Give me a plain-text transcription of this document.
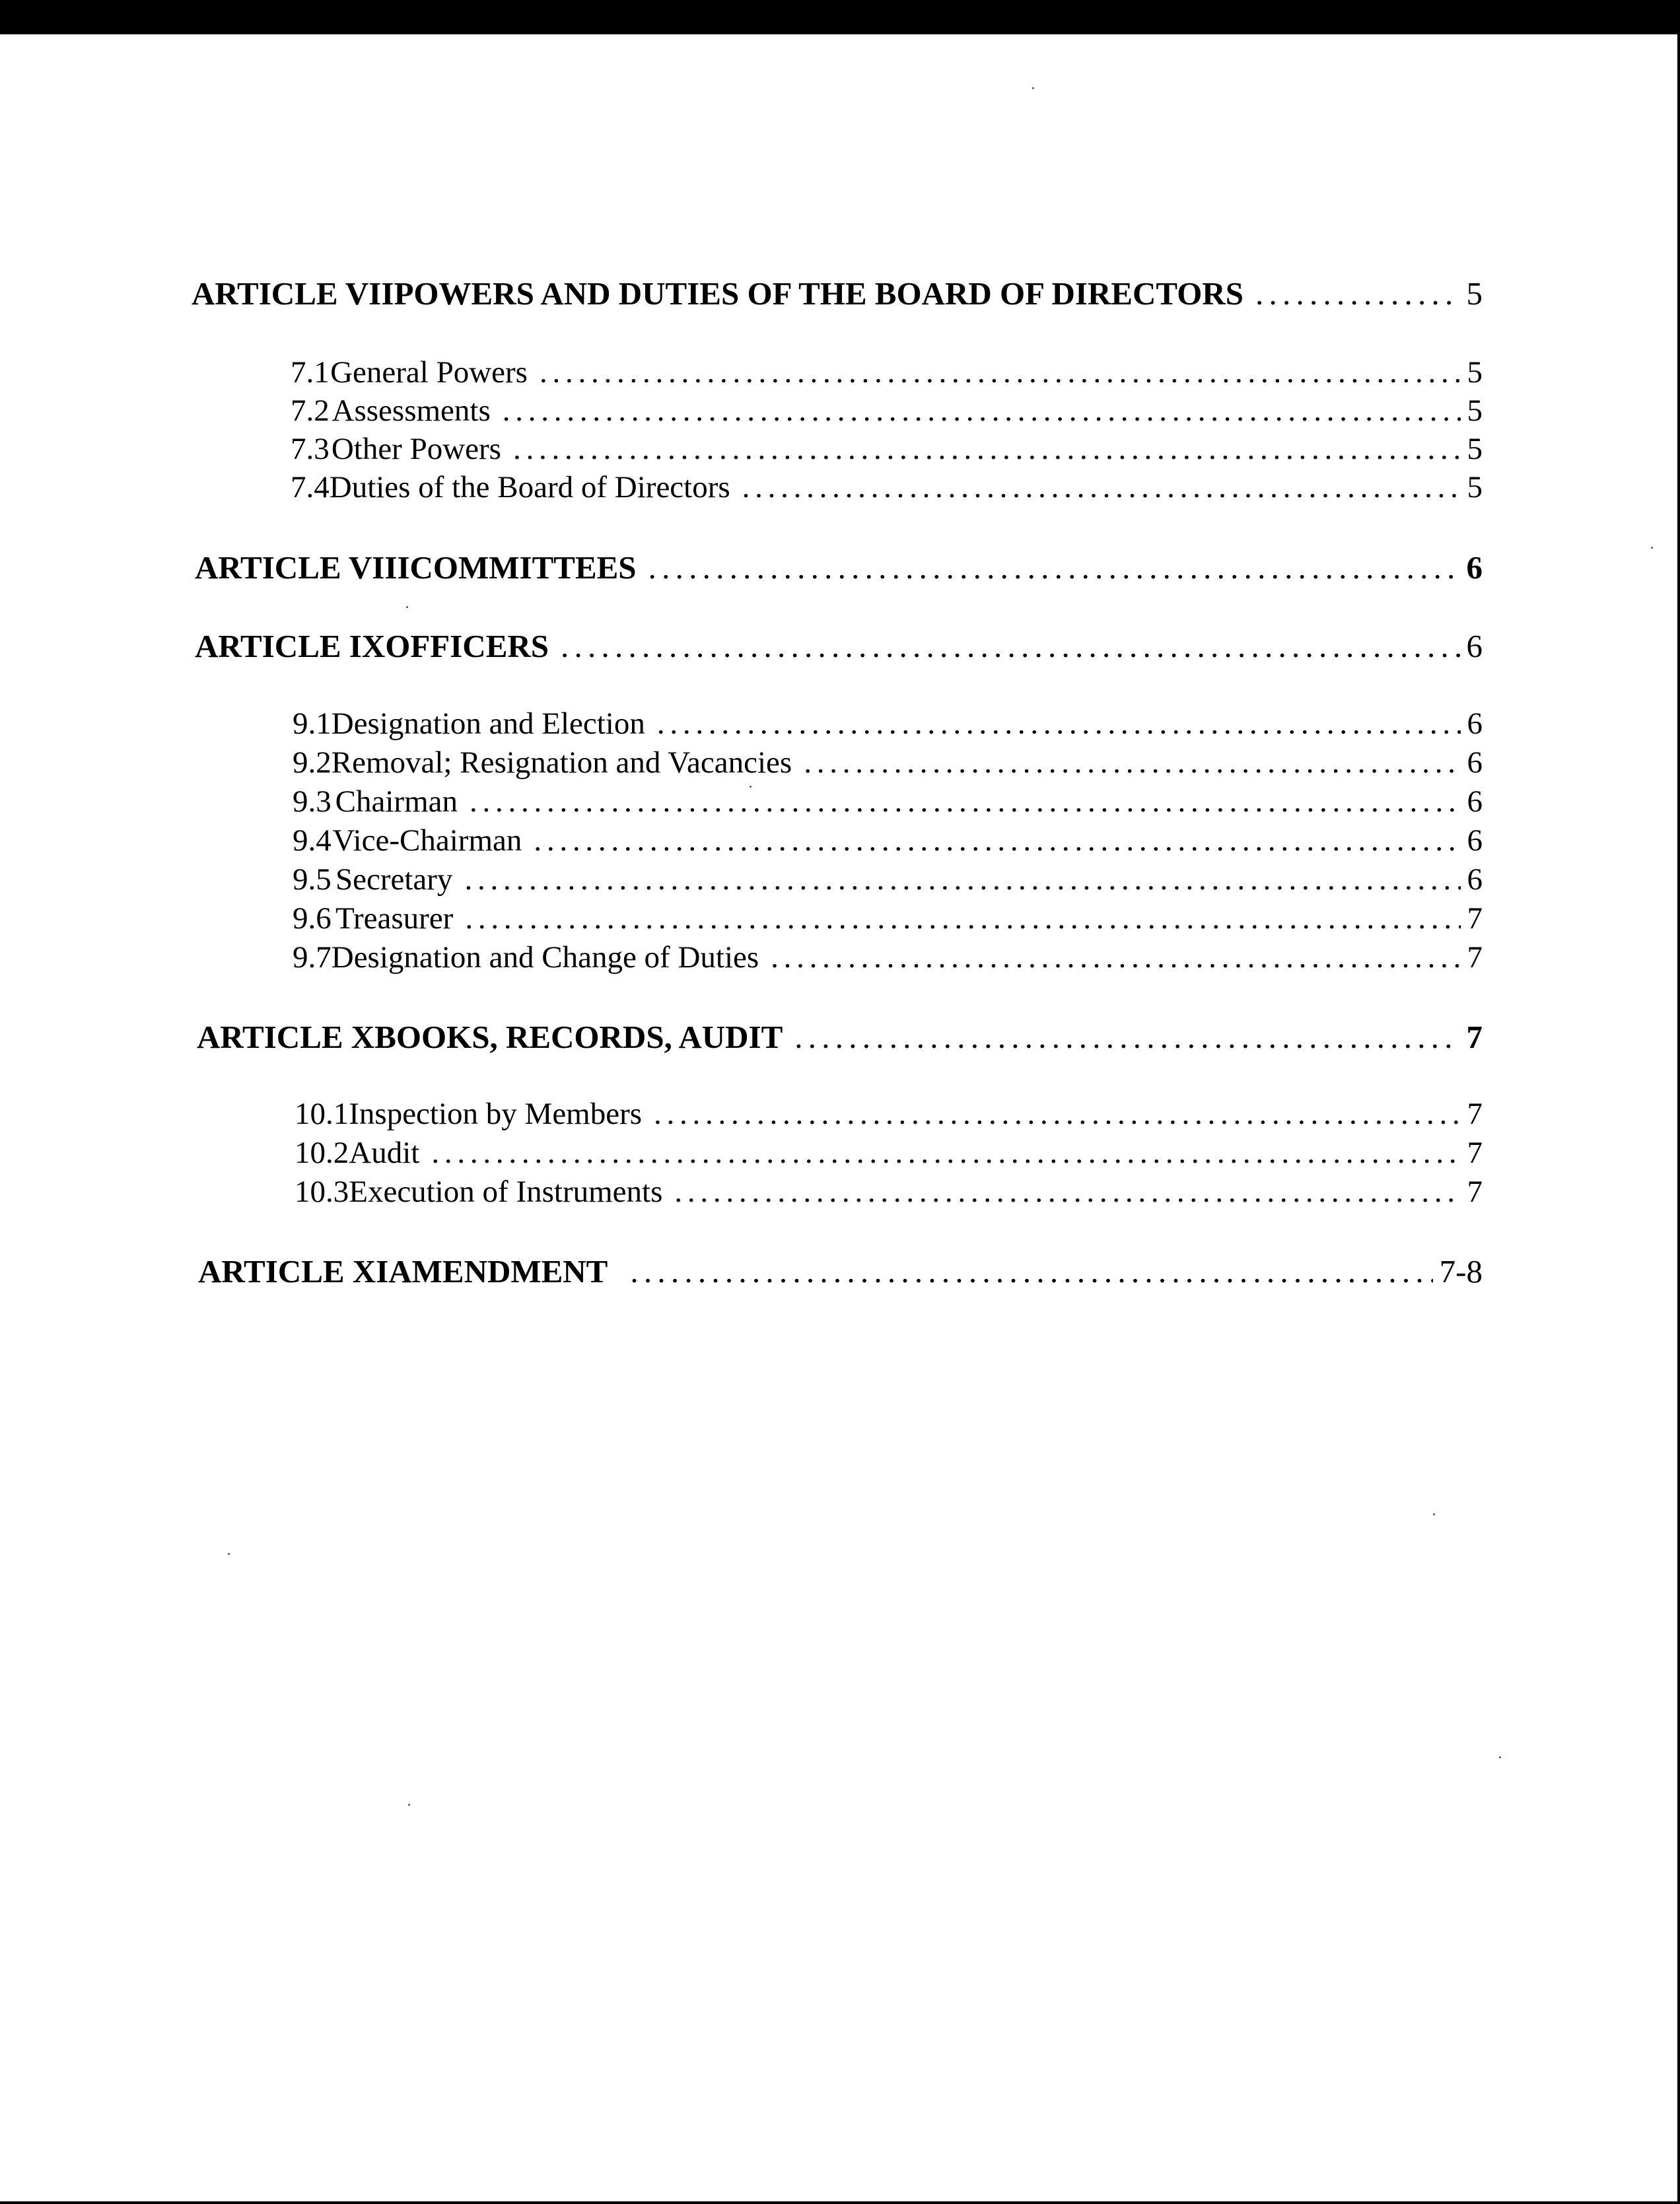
ARTICLE VII POWERS AND DUTIES OF THE BOARD OF DIRECTORS . . .	5
7.1 General Powers . . .	5
7.2 Assessments . . .	5
7.3 Other Powers . . .	5
7.4 Duties of the Board of Directors . . .	5
ARTICLE VIII COMMITTEES . . .	6
ARTICLE IX OFFICERS . . .	6
9.1 Designation and Election . . .	6
9.2 Removal; Resignation and Vacancies . . .	6
9.3 Chairman . . .	6
9.4 Vice-Chairman . . .	6
9.5 Secretary . . .	6
9.6 Treasurer . . .	7
9.7 Designation and Change of Duties . . .	7
ARTICLE X BOOKS, RECORDS, AUDIT . . .	7
10.1 Inspection by Members . . .	7
10.2 Audit . . .	7
10.3 Execution of Instruments . . .	7
ARTICLE XI AMENDMENT . . .	7-8
